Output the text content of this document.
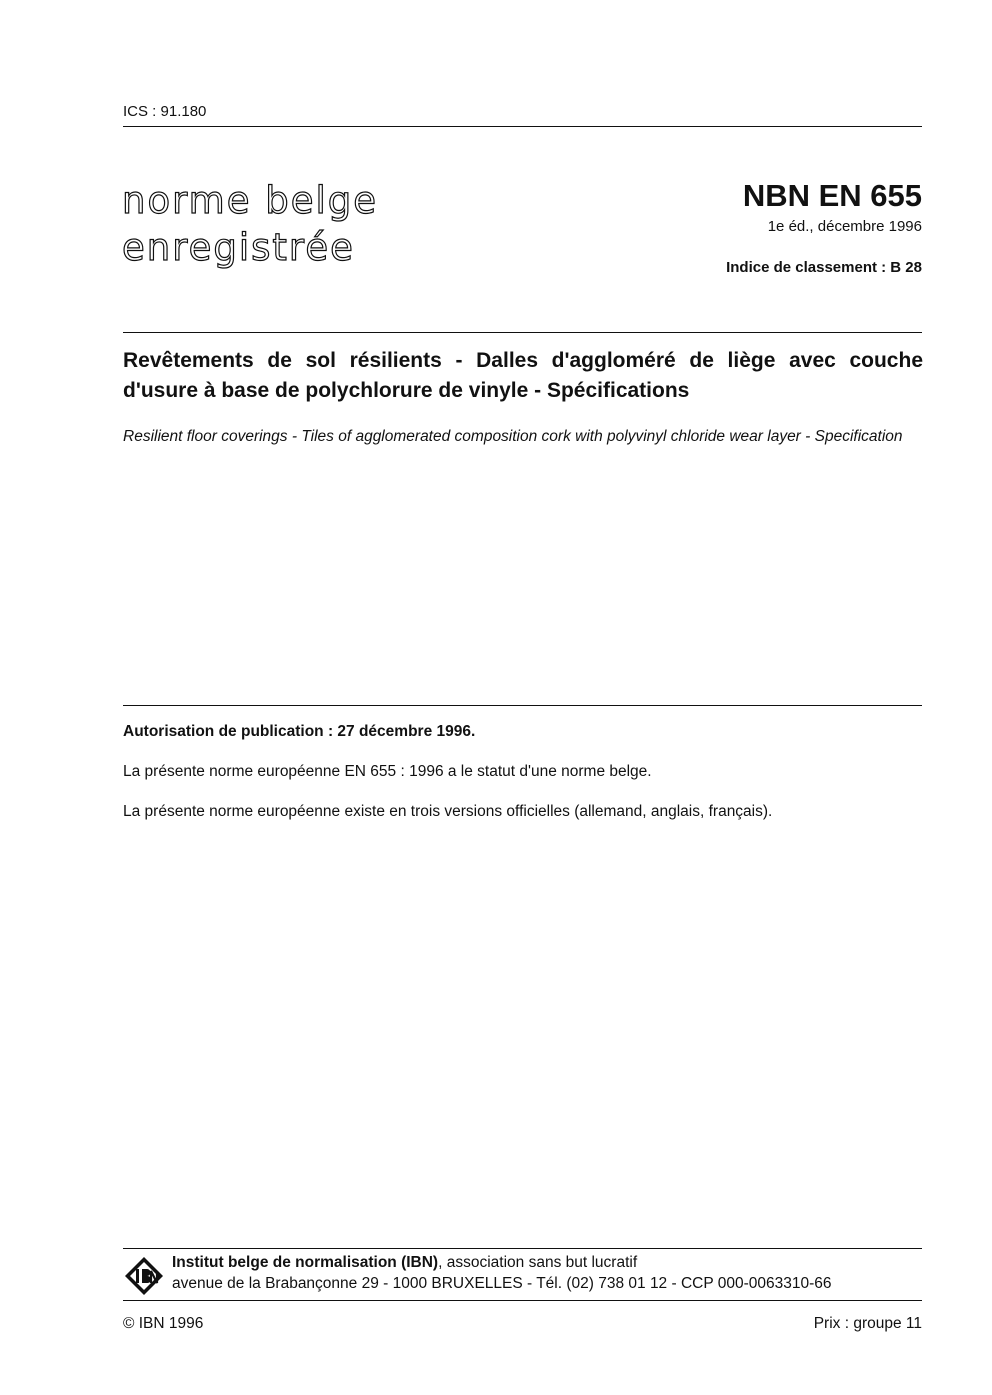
ICS : 91.180
norme belge
enregistrée
NBN EN 655
1e éd., décembre 1996
Indice de classement : B 28
Revêtements de sol résilients - Dalles d'aggloméré de liège avec couche d'usure à base de polychlorure de vinyle - Spécifications
Resilient floor coverings - Tiles of agglomerated composition cork with polyvinyl chloride wear layer - Specification
Autorisation de publication : 27 décembre 1996.
La présente norme européenne EN 655 : 1996 a le statut d'une norme belge.
La présente norme européenne existe en trois versions officielles (allemand, anglais, français).
Institut belge de normalisation (IBN), association sans but lucratif
avenue de la Brabançonne 29 - 1000 BRUXELLES - Tél. (02) 738 01 12 - CCP 000-0063310-66
© IBN 1996	Prix : groupe 11
